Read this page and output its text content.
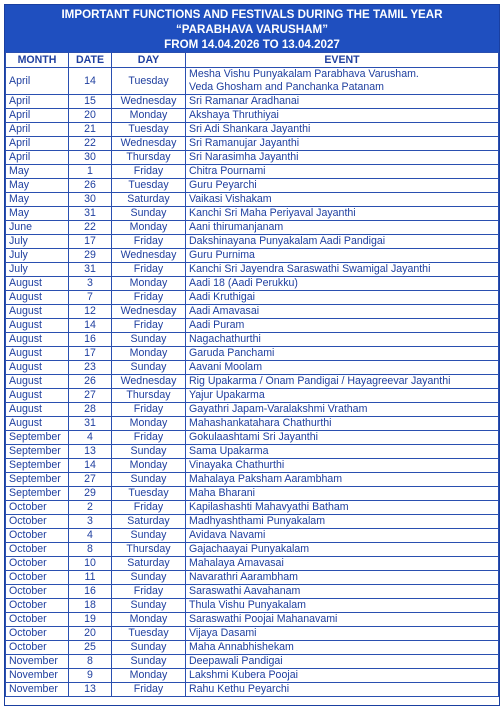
IMPORTANT FUNCTIONS AND FESTIVALS DURING THE TAMIL YEAR
“PARABHAVA VARUSHAM”
FROM 14.04.2026 TO 13.04.2027
MONTH	DATE	DAY	EVENT
April	14	Tuesday	Mesha Vishu Punyakalam Parabhava Varusham.
Veda Ghosham and Panchanka Patanam

April	15	Wednesday	Sri Ramanar Aradhanai

April	20	Monday	Akshaya Thruthiyai

April	21	Tuesday	Sri Adi Shankara Jayanthi

April	22	Wednesday	Sri Ramanujar Jayanthi

April	30	Thursday	Sri Narasimha Jayanthi

May	1	Friday	Chitra Pournami

May	26	Tuesday	Guru Peyarchi

May	30	Saturday	Vaikasi Vishakam

May	31	Sunday	Kanchi Sri Maha Periyaval Jayanthi

June	22	Monday	Aani thirumanjanam

July	17	Friday	Dakshinayana Punyakalam Aadi Pandigai

July	29	Wednesday	Guru Purnima

July	31	Friday	Kanchi Sri Jayendra Saraswathi Swamigal Jayanthi

August	3	Monday	Aadi 18 (Aadi Perukku)

August	7	Friday	Aadi Kruthigai

August	12	Wednesday	Aadi Amavasai

August	14	Friday	Aadi Puram

August	16	Sunday	Nagachathurthi

August	17	Monday	Garuda Panchami

August	23	Sunday	Aavani Moolam

August	26	Wednesday	Rig Upakarma / Onam Pandigai / Hayagreevar Jayanthi

August	27	Thursday	Yajur Upakarma

August	28	Friday	Gayathri Japam-Varalakshmi Vratham

August	31	Monday	Mahashankatahara Chathurthi

September	4	Friday	Gokulaashtami Sri Jayanthi

September	13	Sunday	Sama Upakarma

September	14	Monday	Vinayaka Chathurthi

September	27	Sunday	Mahalaya Paksham Aarambham

September	29	Tuesday	Maha Bharani

October	2	Friday	Kapilashashti Mahavyathi Batham

October	3	Saturday	Madhyashthami Punyakalam

October	4	Sunday	Avidava Navami

October	8	Thursday	Gajachaayai Punyakalam

October	10	Saturday	Mahalaya Amavasai

October	11	Sunday	Navarathri Aarambham

October	16	Friday	Saraswathi Aavahanam

October	18	Sunday	Thula Vishu Punyakalam

October	19	Monday	Saraswathi Poojai Mahanavami

October	20	Tuesday	Vijaya Dasami

October	25	Sunday	Maha Annabhishekam

November	8	Sunday	Deepawali Pandigai

November	9	Monday	Lakshmi Kubera Poojai

November	13	Friday	Rahu Kethu Peyarchi
